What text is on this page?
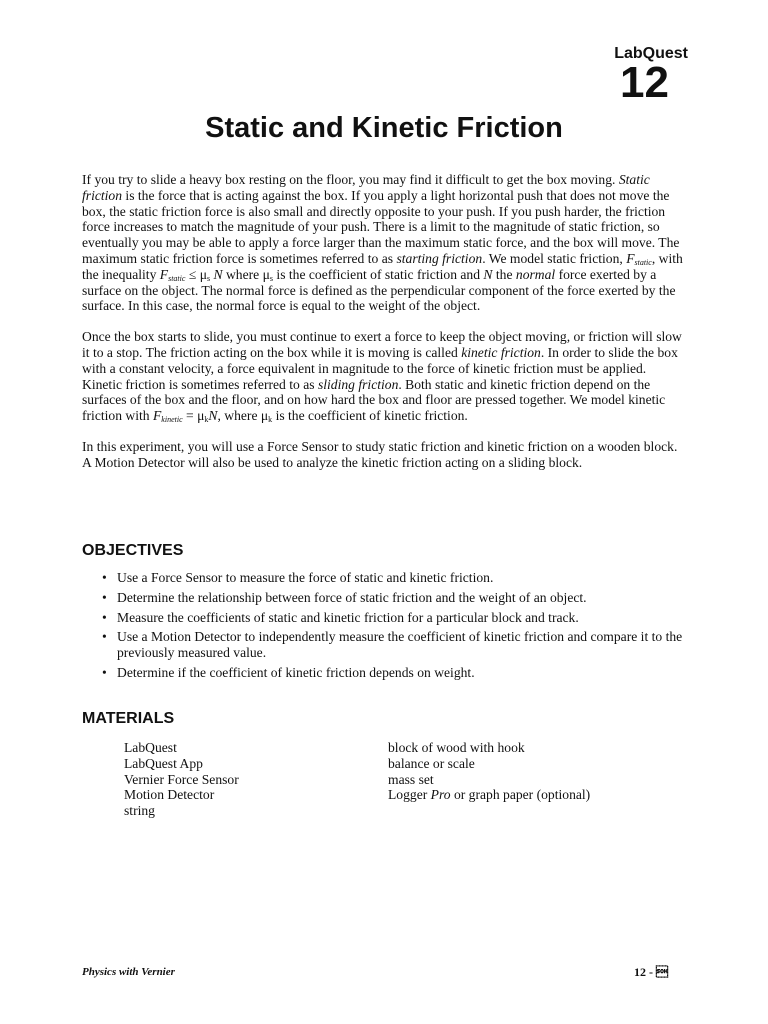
LabQuest
12
Static and Kinetic Friction

If you try to slide a heavy box resting on the floor, you may find it difficult to get the box moving. Static friction is the force that is acting against the box. If you apply a light horizontal push that does not move the box, the static friction force is also small and directly opposite to your push. If you push harder, the friction force increases to match the magnitude of your push. There is a limit to the magnitude of static friction, so eventually you may be able to apply a force larger than the maximum static force, and the box will move. The maximum static friction force is sometimes referred to as starting friction. We model static friction, $F_{static}$, with the inequality $F_{static} \le \mu_s$ N where $\mu_s$ is the coefficient of static friction and N the normal force exerted by a surface on the object. The normal force is defined as the perpendicular component of the force exerted by the surface. In this case, the normal force is equal to the weight of the object.

Once the box starts to slide, you must continue to exert a force to keep the object moving, or friction will slow it to a stop. The friction acting on the box while it is moving is called kinetic friction. In order to slide the box with a constant velocity, a force equivalent in magnitude to the force of kinetic friction must be applied. Kinetic friction is sometimes referred to as sliding friction. Both static and kinetic friction depend on the surfaces of the box and the floor, and on how hard the box and floor are pressed together. We model kinetic friction with $F_{kinetic} = \mu_kN$, where $\mu_k$ is the coefficient of kinetic friction.

In this experiment, you will use a Force Sensor to study static friction and kinetic friction on a wooden block. A Motion Detector will also be used to analyze the kinetic friction acting on a sliding block.

OBJECTIVES
• Use a Force Sensor to measure the force of static and kinetic friction.
• Determine the relationship between force of static friction and the weight of an object.
• Measure the coefficients of static and kinetic friction for a particular block and track.
• Use a Motion Detector to independently measure the coefficient of kinetic friction and compare it to the previously measured value.
• Determine if the coefficient of kinetic friction depends on weight.
MATERIALS
LabQuest
LabQuest App
Vernier Force Sensor
Motion Detector
string
block of wood with hook
balance or scale
mass set
Logger Pro or graph paper (optional)
Physics with Vernier	12 - 
